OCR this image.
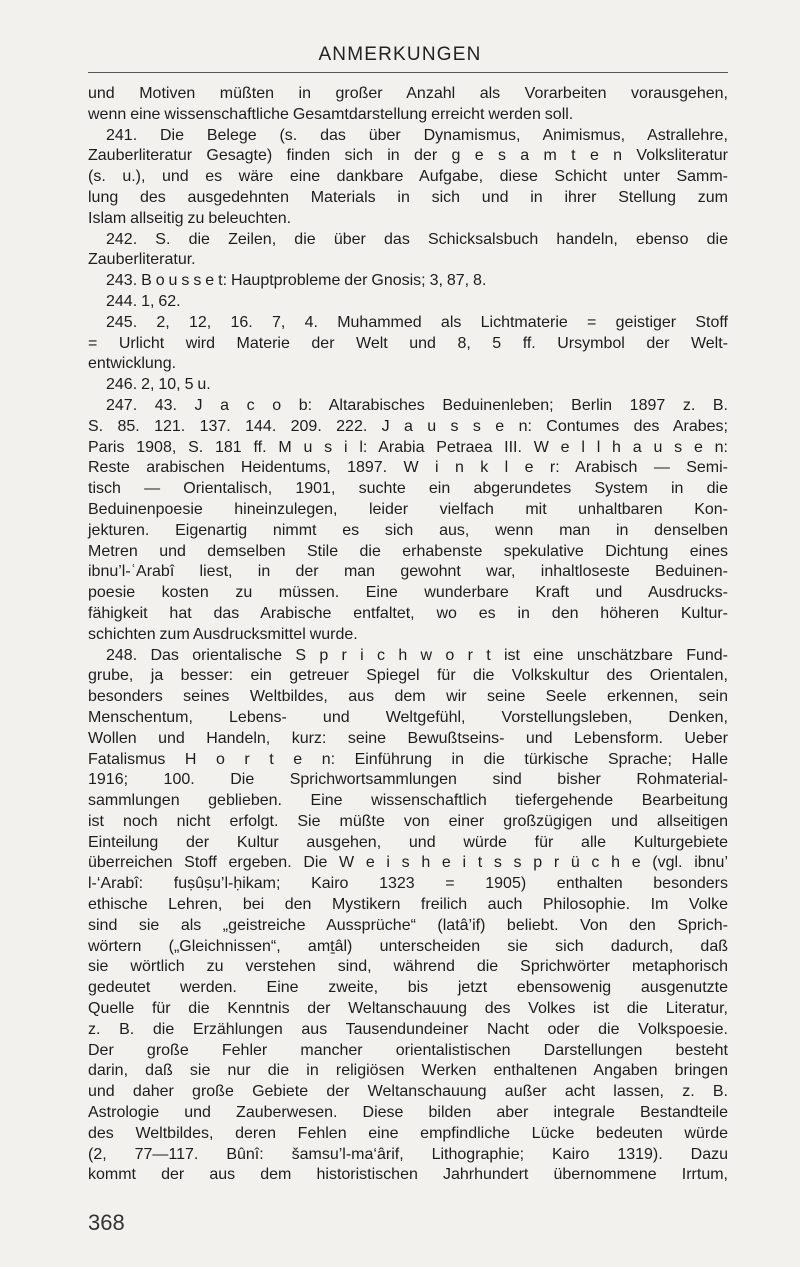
ANMERKUNGEN
und Motiven müßten in großer Anzahl als Vorarbeiten vorausgehen,
wenn eine wissenschaftliche Gesamtdarstellung erreicht werden soll.
241. Die Belege (s. das über Dynamismus, Animismus, Astrallehre,
Zauberliteratur Gesagte) finden sich in der g e s a m t e n Volksliteratur
(s. u.), und es wäre eine dankbare Aufgabe, diese Schicht unter Samm-
lung des ausgedehnten Materials in sich und in ihrer Stellung zum
Islam allseitig zu beleuchten.
242. S. die Zeilen, die über das Schicksalsbuch handeln, ebenso die
Zauberliteratur.
243. B o u s s e t: Hauptprobleme der Gnosis; 3, 87, 8.
244. 1, 62.
245. 2, 12, 16. 7, 4. Muhammed als Lichtmaterie = geistiger Stoff
= Urlicht wird Materie der Welt und 8, 5 ff. Ursymbol der Welt-
entwicklung.
246. 2, 10, 5 u.
247. 43. J a c o b: Altarabisches Beduinenleben; Berlin 1897 z. B.
S. 85. 121. 137. 144. 209. 222. J a u s s e n: Contumes des Arabes;
Paris 1908, S. 181 ff. M u s i l: Arabia Petraea III. W e l l h a u s e n:
Reste arabischen Heidentums, 1897. W i n k l e r: Arabisch — Semi-
tisch — Orientalisch, 1901, suchte ein abgerundetes System in die
Beduinenpoesie hineinzulegen, leider vielfach mit unhaltbaren Kon-
jekturen. Eigenartig nimmt es sich aus, wenn man in denselben
Metren und demselben Stile die erhabenste spekulative Dichtung eines
ibnu’l-ʿArabî liest, in der man gewohnt war, inhaltloseste Beduinen-
poesie kosten zu müssen. Eine wunderbare Kraft und Ausdrucks-
fähigkeit hat das Arabische entfaltet, wo es in den höheren Kultur-
schichten zum Ausdrucksmittel wurde.
248. Das orientalische S p r i c h w o r t ist eine unschätzbare Fund-
grube, ja besser: ein getreuer Spiegel für die Volkskultur des Orientalen,
besonders seines Weltbildes, aus dem wir seine Seele erkennen, sein
Menschentum, Lebens- und Weltgefühl, Vorstellungsleben, Denken,
Wollen und Handeln, kurz: seine Bewußtseins- und Lebensform. Ueber
Fatalismus H o r t e n: Einführung in die türkische Sprache; Halle
1916; 100. Die Sprichwortsammlungen sind bisher Rohmaterial-
sammlungen geblieben. Eine wissenschaftlich tiefergehende Bearbeitung
ist noch nicht erfolgt. Sie müßte von einer großzügigen und allseitigen
Einteilung der Kultur ausgehen, und würde für alle Kulturgebiete
überreichen Stoff ergeben. Die W e i s h e i t s s p r ü c h e (vgl. ibnu’
l-‘Arabî: fuṣûṣu’l-ḥikam; Kairo 1323 = 1905) enthalten besonders
ethische Lehren, bei den Mystikern freilich auch Philosophie. Im Volke
sind sie als „geistreiche Aussprüche“ (latâ’if) beliebt. Von den Sprich-
wörtern („Gleichnissen“, amṯâl) unterscheiden sie sich dadurch, daß
sie wörtlich zu verstehen sind, während die Sprichwörter metaphorisch
gedeutet werden. Eine zweite, bis jetzt ebensowenig ausgenutzte
Quelle für die Kenntnis der Weltanschauung des Volkes ist die Literatur,
z. B. die Erzählungen aus Tausendundeiner Nacht oder die Volkspoesie.
Der große Fehler mancher orientalistischen Darstellungen besteht
darin, daß sie nur die in religiösen Werken enthaltenen Angaben bringen
und daher große Gebiete der Weltanschauung außer acht lassen, z. B.
Astrologie und Zauberwesen. Diese bilden aber integrale Bestandteile
des Weltbildes, deren Fehlen eine empfindliche Lücke bedeuten würde
(2, 77—117. Bûnî: šamsu’l-ma‘ârif, Lithographie; Kairo 1319). Dazu
kommt der aus dem historistischen Jahrhundert übernommene Irrtum,
368
